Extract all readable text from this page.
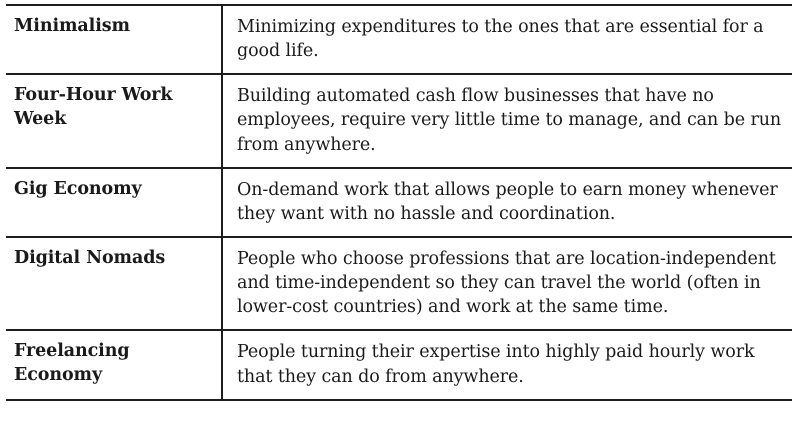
Minimalism	Minimizing expenditures to the ones that are essential for a good life.
Four-Hour Work Week	Building automated cash flow businesses that have no employees, require very little time to manage, and can be run from anywhere.
Gig Economy	On-demand work that allows people to earn money whenever they want with no hassle and coordination.
Digital Nomads	People who choose professions that are location-independent and time-independent so they can travel the world (often in lower-cost countries) and work at the same time.
Freelancing Economy	People turning their expertise into highly paid hourly work that they can do from anywhere.
